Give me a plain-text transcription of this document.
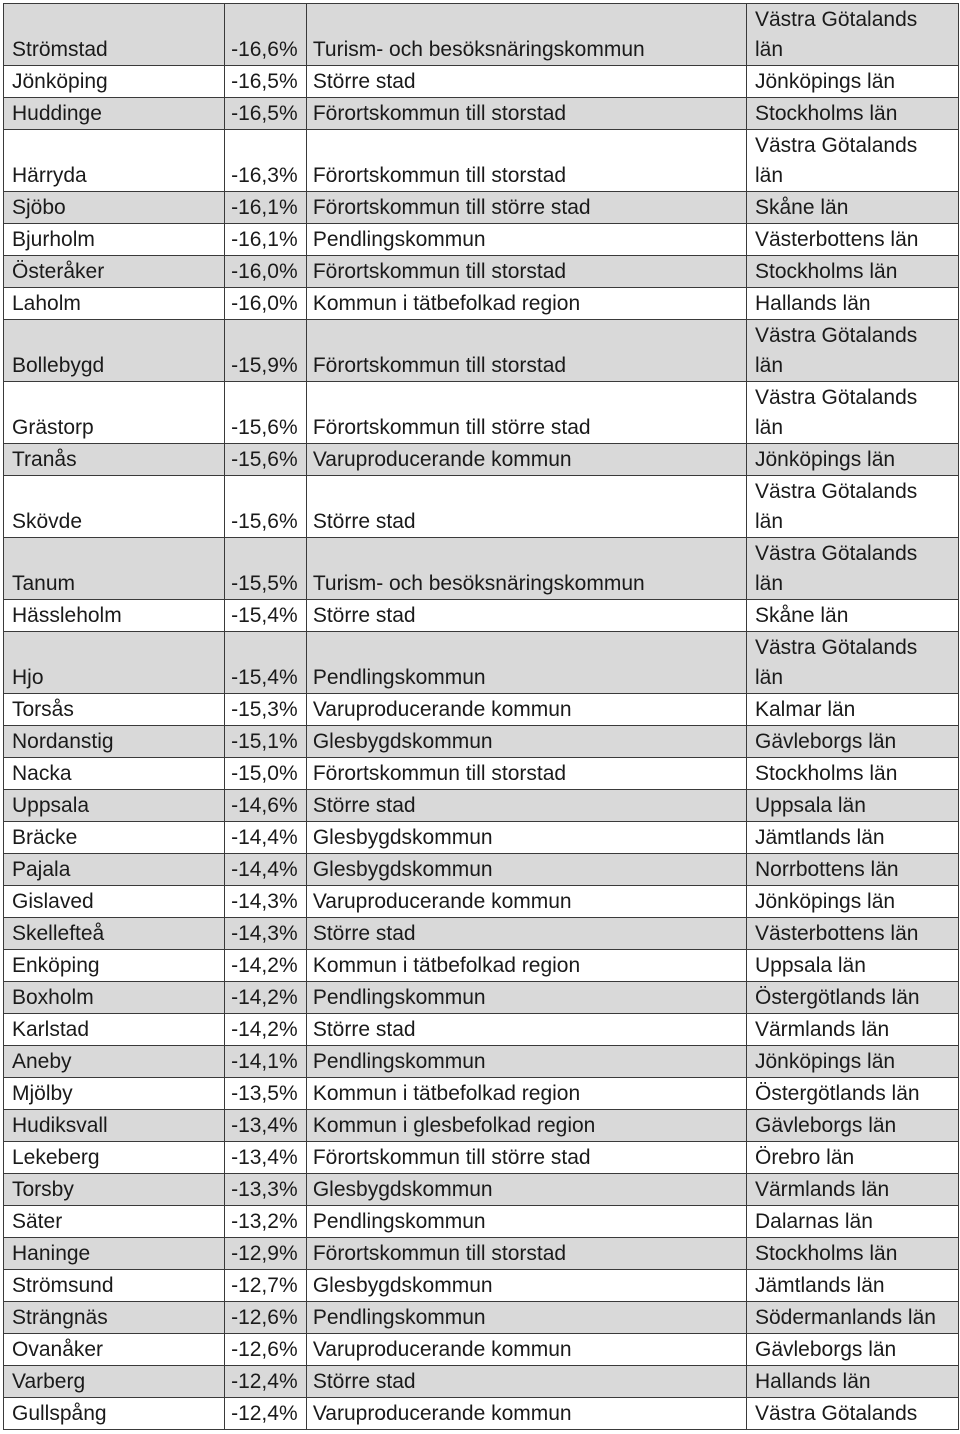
Strömstad	-16,6%	Turism- och besöksnäringskommun	Västra Götalands län
Jönköping	-16,5%	Större stad	Jönköpings län
Huddinge	-16,5%	Förortskommun till storstad	Stockholms län
Härryda	-16,3%	Förortskommun till storstad	Västra Götalands län
Sjöbo	-16,1%	Förortskommun till större stad	Skåne län
Bjurholm	-16,1%	Pendlingskommun	Västerbottens län
Österåker	-16,0%	Förortskommun till storstad	Stockholms län
Laholm	-16,0%	Kommun i tätbefolkad region	Hallands län
Bollebygd	-15,9%	Förortskommun till storstad	Västra Götalands län
Grästorp	-15,6%	Förortskommun till större stad	Västra Götalands län
Tranås	-15,6%	Varuproducerande kommun	Jönköpings län
Skövde	-15,6%	Större stad	Västra Götalands län
Tanum	-15,5%	Turism- och besöksnäringskommun	Västra Götalands län
Hässleholm	-15,4%	Större stad	Skåne län
Hjo	-15,4%	Pendlingskommun	Västra Götalands län
Torsås	-15,3%	Varuproducerande kommun	Kalmar län
Nordanstig	-15,1%	Glesbygdskommun	Gävleborgs län
Nacka	-15,0%	Förortskommun till storstad	Stockholms län
Uppsala	-14,6%	Större stad	Uppsala län
Bräcke	-14,4%	Glesbygdskommun	Jämtlands län
Pajala	-14,4%	Glesbygdskommun	Norrbottens län
Gislaved	-14,3%	Varuproducerande kommun	Jönköpings län
Skellefteå	-14,3%	Större stad	Västerbottens län
Enköping	-14,2%	Kommun i tätbefolkad region	Uppsala län
Boxholm	-14,2%	Pendlingskommun	Östergötlands län
Karlstad	-14,2%	Större stad	Värmlands län
Aneby	-14,1%	Pendlingskommun	Jönköpings län
Mjölby	-13,5%	Kommun i tätbefolkad region	Östergötlands län
Hudiksvall	-13,4%	Kommun i glesbefolkad region	Gävleborgs län
Lekeberg	-13,4%	Förortskommun till större stad	Örebro län
Torsby	-13,3%	Glesbygdskommun	Värmlands län
Säter	-13,2%	Pendlingskommun	Dalarnas län
Haninge	-12,9%	Förortskommun till storstad	Stockholms län
Strömsund	-12,7%	Glesbygdskommun	Jämtlands län
Strängnäs	-12,6%	Pendlingskommun	Södermanlands län
Ovanåker	-12,6%	Varuproducerande kommun	Gävleborgs län
Varberg	-12,4%	Större stad	Hallands län
Gullspång	-12,4%	Varuproducerande kommun	Västra Götalands
